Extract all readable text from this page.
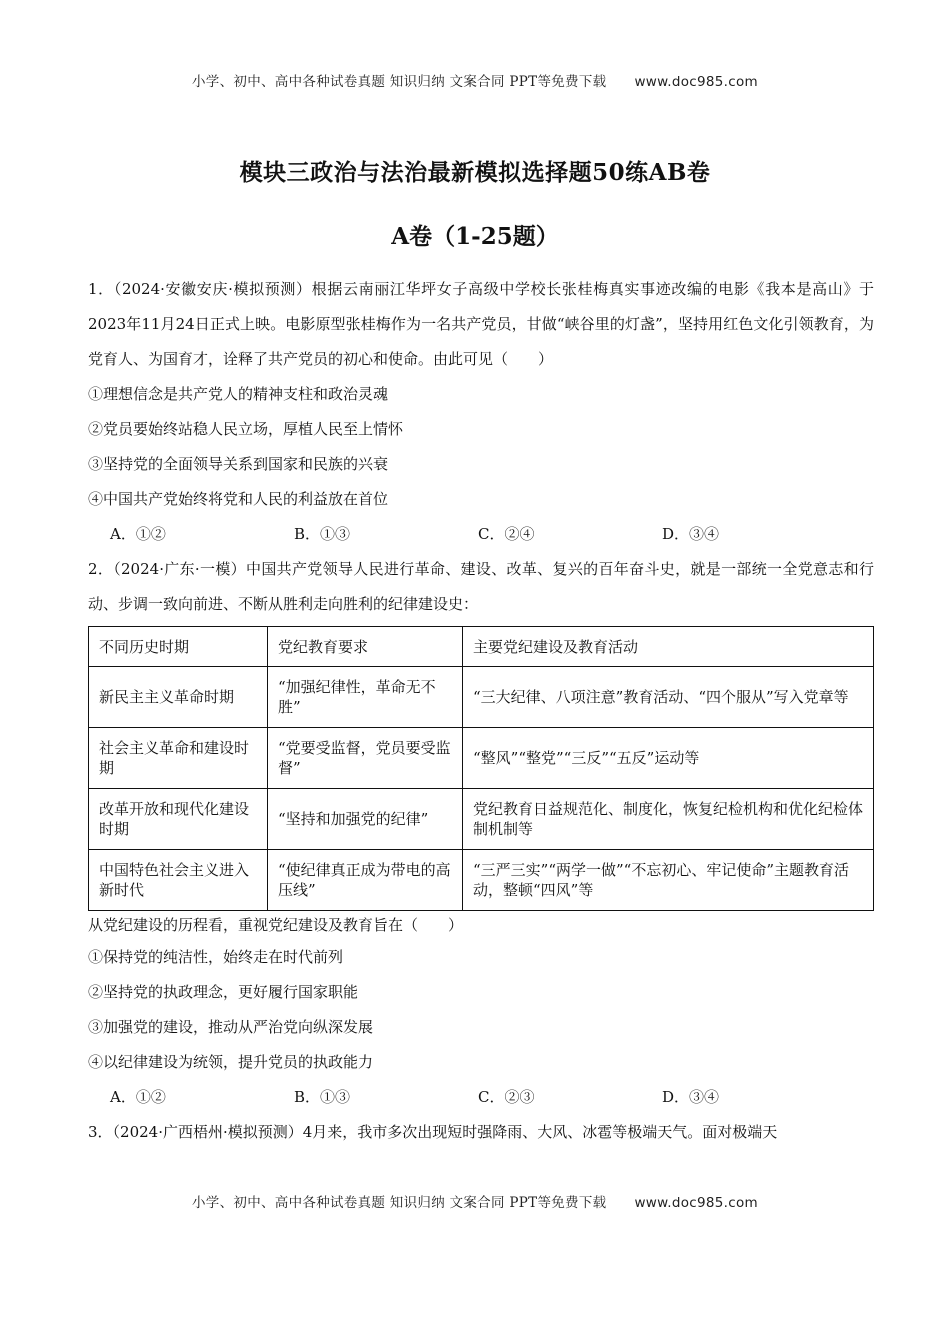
小学、初中、高中各种试卷真题 知识归纳 文案合同 PPT等免费下载 www.doc985.com
模块三政治与法治最新模拟选择题50练AB卷
A卷（1-25题）

1．（2024·安徽安庆·模拟预测）根据云南丽江华坪女子高级中学校长张桂梅真实事迹改编的电影《我本是高山》于2023年11月24日正式上映。电影原型张桂梅作为一名共产党员，甘做“峡谷里的灯盏”，坚持用红色文化引领教育，为党育人、为国育才，诠释了共产党员的初心和使命。由此可见（　　）

①理想信念是共产党人的精神支柱和政治灵魂

②党员要始终站稳人民立场，厚植人民至上情怀

③坚持党的全面领导关系到国家和民族的兴衰

④中国共产党始终将党和人民的利益放在首位

A．①②	B．①③	C．②④	D．③④

2．（2024·广东·一模）中国共产党领导人民进行革命、建设、改革、复兴的百年奋斗史，就是一部统一全党意志和行动、步调一致向前进、不断从胜利走向胜利的纪律建设史：

不同历史时期	党纪教育要求	主要党纪建设及教育活动
新民主主义革命时期	“加强纪律性，革命无不胜”	“三大纪律、八项注意”教育活动、“四个服从”写入党章等
社会主义革命和建设时期	“党要受监督，党员要受监督”	“整风”“整党”“三反”“五反”运动等
改革开放和现代化建设时期	“坚持和加强党的纪律”	党纪教育日益规范化、制度化，恢复纪检机构和优化纪检体制机制等
中国特色社会主义进入新时代	“使纪律真正成为带电的高压线”	“三严三实”“两学一做”“不忘初心、牢记使命”主题教育活动，整顿“四风”等

从党纪建设的历程看，重视党纪建设及教育旨在（　　）

①保持党的纯洁性，始终走在时代前列

②坚持党的执政理念，更好履行国家职能

③加强党的建设，推动从严治党向纵深发展

④以纪律建设为统领，提升党员的执政能力

A．①②	B．①③	C．②③	D．③④

3．（2024·广西梧州·模拟预测）4月来，我市多次出现短时强降雨、大风、冰雹等极端天气。面对极端天

小学、初中、高中各种试卷真题 知识归纳 文案合同 PPT等免费下载 www.doc985.com
